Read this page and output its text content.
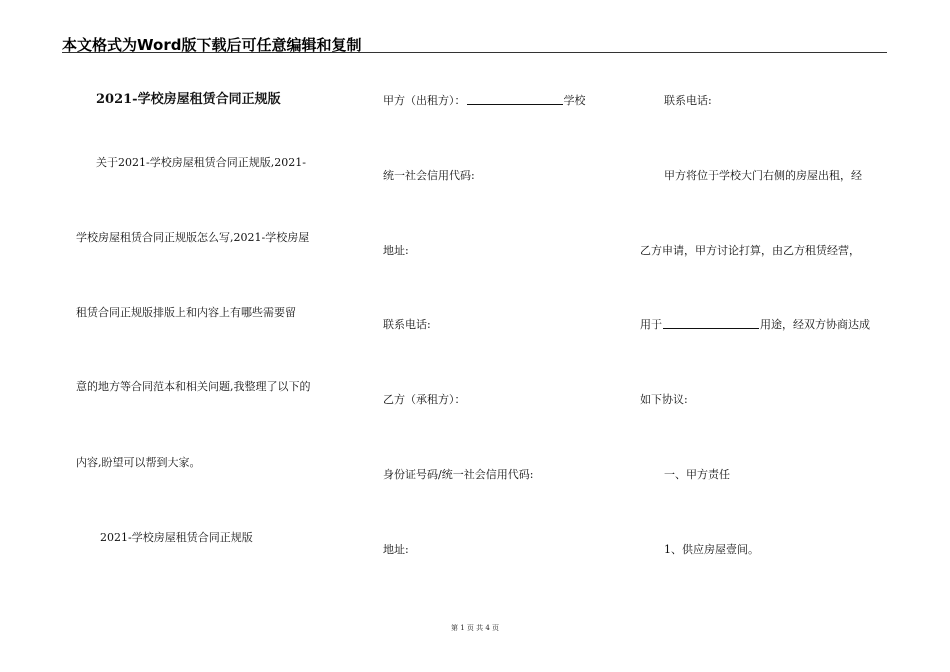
本文格式为Word版下载后可任意编辑和复制
2021-学校房屋租赁合同正规版
关于2021-学校房屋租赁合同正规版,2021-
学校房屋租赁合同正规版怎么写,2021-学校房屋
租赁合同正规版排版上和内容上有哪些需要留
意的地方等合同范本和相关问题,我整理了以下的
内容,盼望可以帮到大家。
2021-学校房屋租赁合同正规版
甲方（出租方）：	学校
统一社会信用代码:
地址:
联系电话:
乙方（承租方）：
身份证号码/统一社会信用代码:
地址:
联系电话:
甲方将位于学校大门右侧的房屋出租，经
乙方申请，甲方讨论打算，由乙方租赁经营，
用于	用途，经双方协商达成
如下协议:
一、甲方责任
1、供应房屋壹间。
第 1 页 共 4 页
